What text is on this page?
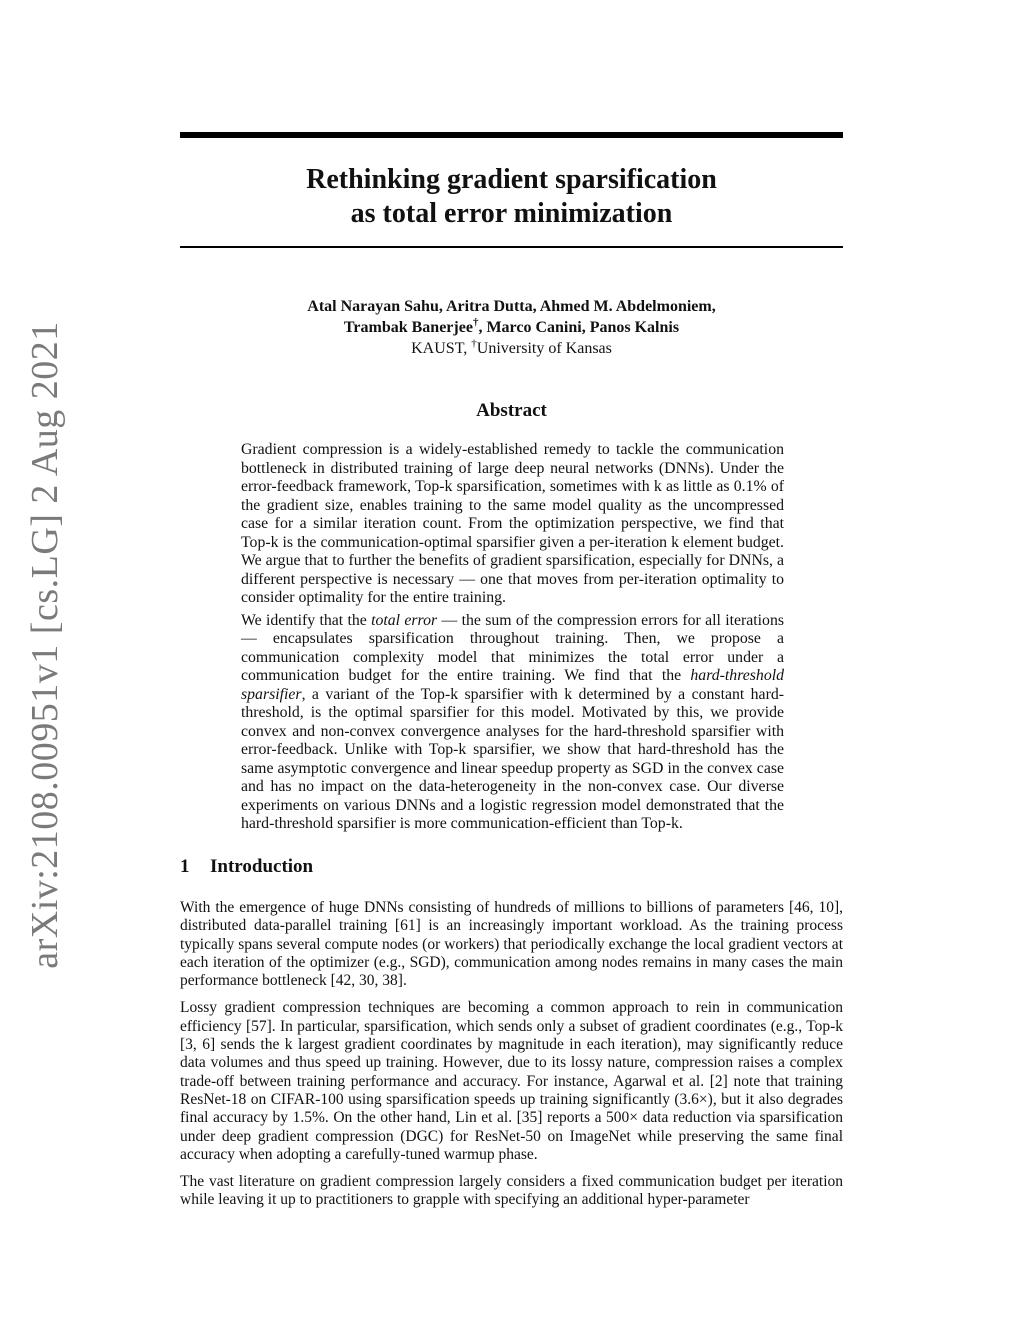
arXiv:2108.00951v1 [cs.LG] 2 Aug 2021
Rethinking gradient sparsification
as total error minimization
Atal Narayan Sahu, Aritra Dutta, Ahmed M. Abdelmoniem,
Trambak Banerjee†, Marco Canini, Panos Kalnis
KAUST, †University of Kansas
Abstract

Gradient compression is a widely-established remedy to tackle the communication bottleneck in distributed training of large deep neural networks (DNNs). Under the error-feedback framework, Top-k sparsification, sometimes with k as little as 0.1% of the gradient size, enables training to the same model quality as the uncompressed case for a similar iteration count. From the optimization perspective, we find that Top-k is the communication-optimal sparsifier given a per-iteration k element budget. We argue that to further the benefits of gradient sparsification, especially for DNNs, a different perspective is necessary — one that moves from per-iteration optimality to consider optimality for the entire training.

We identify that the total error — the sum of the compression errors for all iterations — encapsulates sparsification throughout training. Then, we propose a communication complexity model that minimizes the total error under a communication budget for the entire training. We find that the hard-threshold sparsifier, a variant of the Top-k sparsifier with k determined by a constant hard-threshold, is the optimal sparsifier for this model. Motivated by this, we provide convex and non-convex convergence analyses for the hard-threshold sparsifier with error-feedback. Unlike with Top-k sparsifier, we show that hard-threshold has the same asymptotic convergence and linear speedup property as SGD in the convex case and has no impact on the data-heterogeneity in the non-convex case. Our diverse experiments on various DNNs and a logistic regression model demonstrated that the hard-threshold sparsifier is more communication-efficient than Top-k.

1 Introduction

With the emergence of huge DNNs consisting of hundreds of millions to billions of parameters [46, 10], distributed data-parallel training [61] is an increasingly important workload. As the training process typically spans several compute nodes (or workers) that periodically exchange the local gradient vectors at each iteration of the optimizer (e.g., SGD), communication among nodes remains in many cases the main performance bottleneck [42, 30, 38].

Lossy gradient compression techniques are becoming a common approach to rein in communication efficiency [57]. In particular, sparsification, which sends only a subset of gradient coordinates (e.g., Top-k [3, 6] sends the k largest gradient coordinates by magnitude in each iteration), may significantly reduce data volumes and thus speed up training. However, due to its lossy nature, compression raises a complex trade-off between training performance and accuracy. For instance, Agarwal et al. [2] note that training ResNet-18 on CIFAR-100 using sparsification speeds up training significantly (3.6×), but it also degrades final accuracy by 1.5%. On the other hand, Lin et al. [35] reports a 500× data reduction via sparsification under deep gradient compression (DGC) for ResNet-50 on ImageNet while preserving the same final accuracy when adopting a carefully-tuned warmup phase.

The vast literature on gradient compression largely considers a fixed communication budget per iteration while leaving it up to practitioners to grapple with specifying an additional hyper-parameter
